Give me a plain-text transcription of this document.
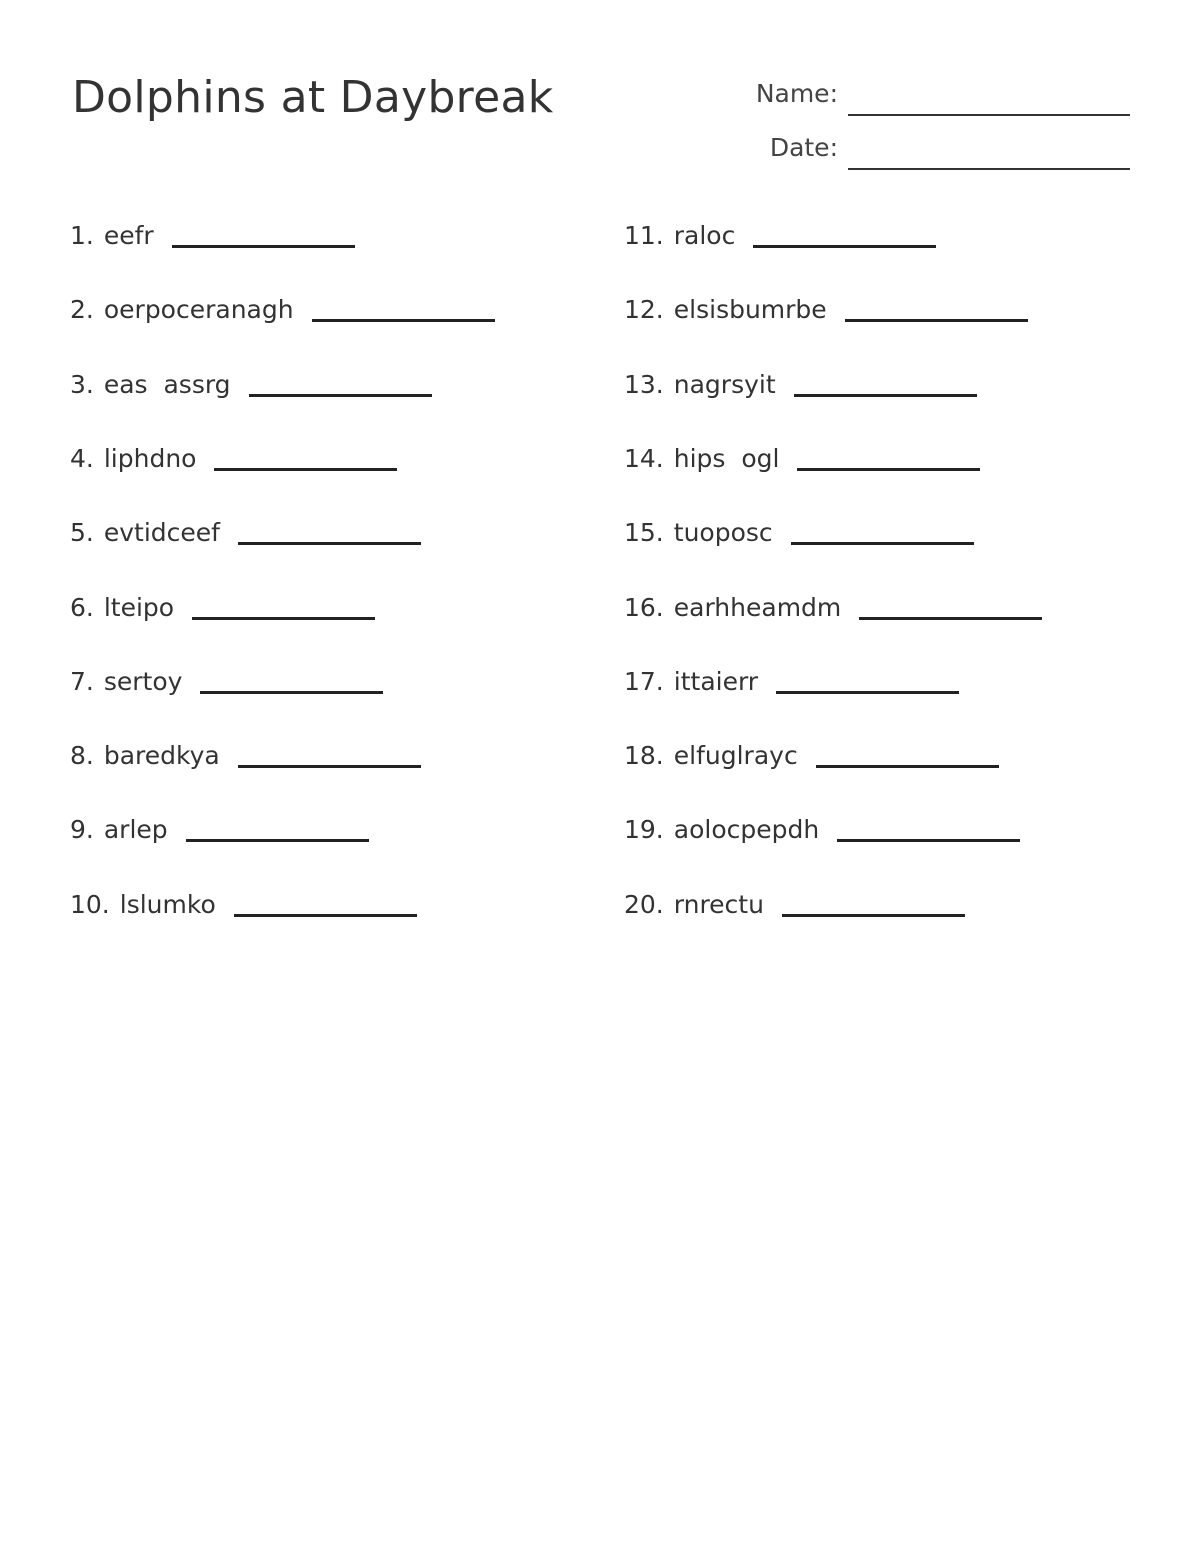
Dolphins at Daybreak	Name:
Date:
1. eefr
2. oerpoceranagh
3. eas  assrg
4. liphdno
5. evtidceef
6. lteipo
7. sertoy
8. baredkya
9. arlep
10. lslumko
11. raloc
12. elsisbumrbe
13. nagrsyit
14. hips  ogl
15. tuoposc
16. earhheamdm
17. ittaierr
18. elfuglrayc
19. aolocpepdh
20. rnrectu
